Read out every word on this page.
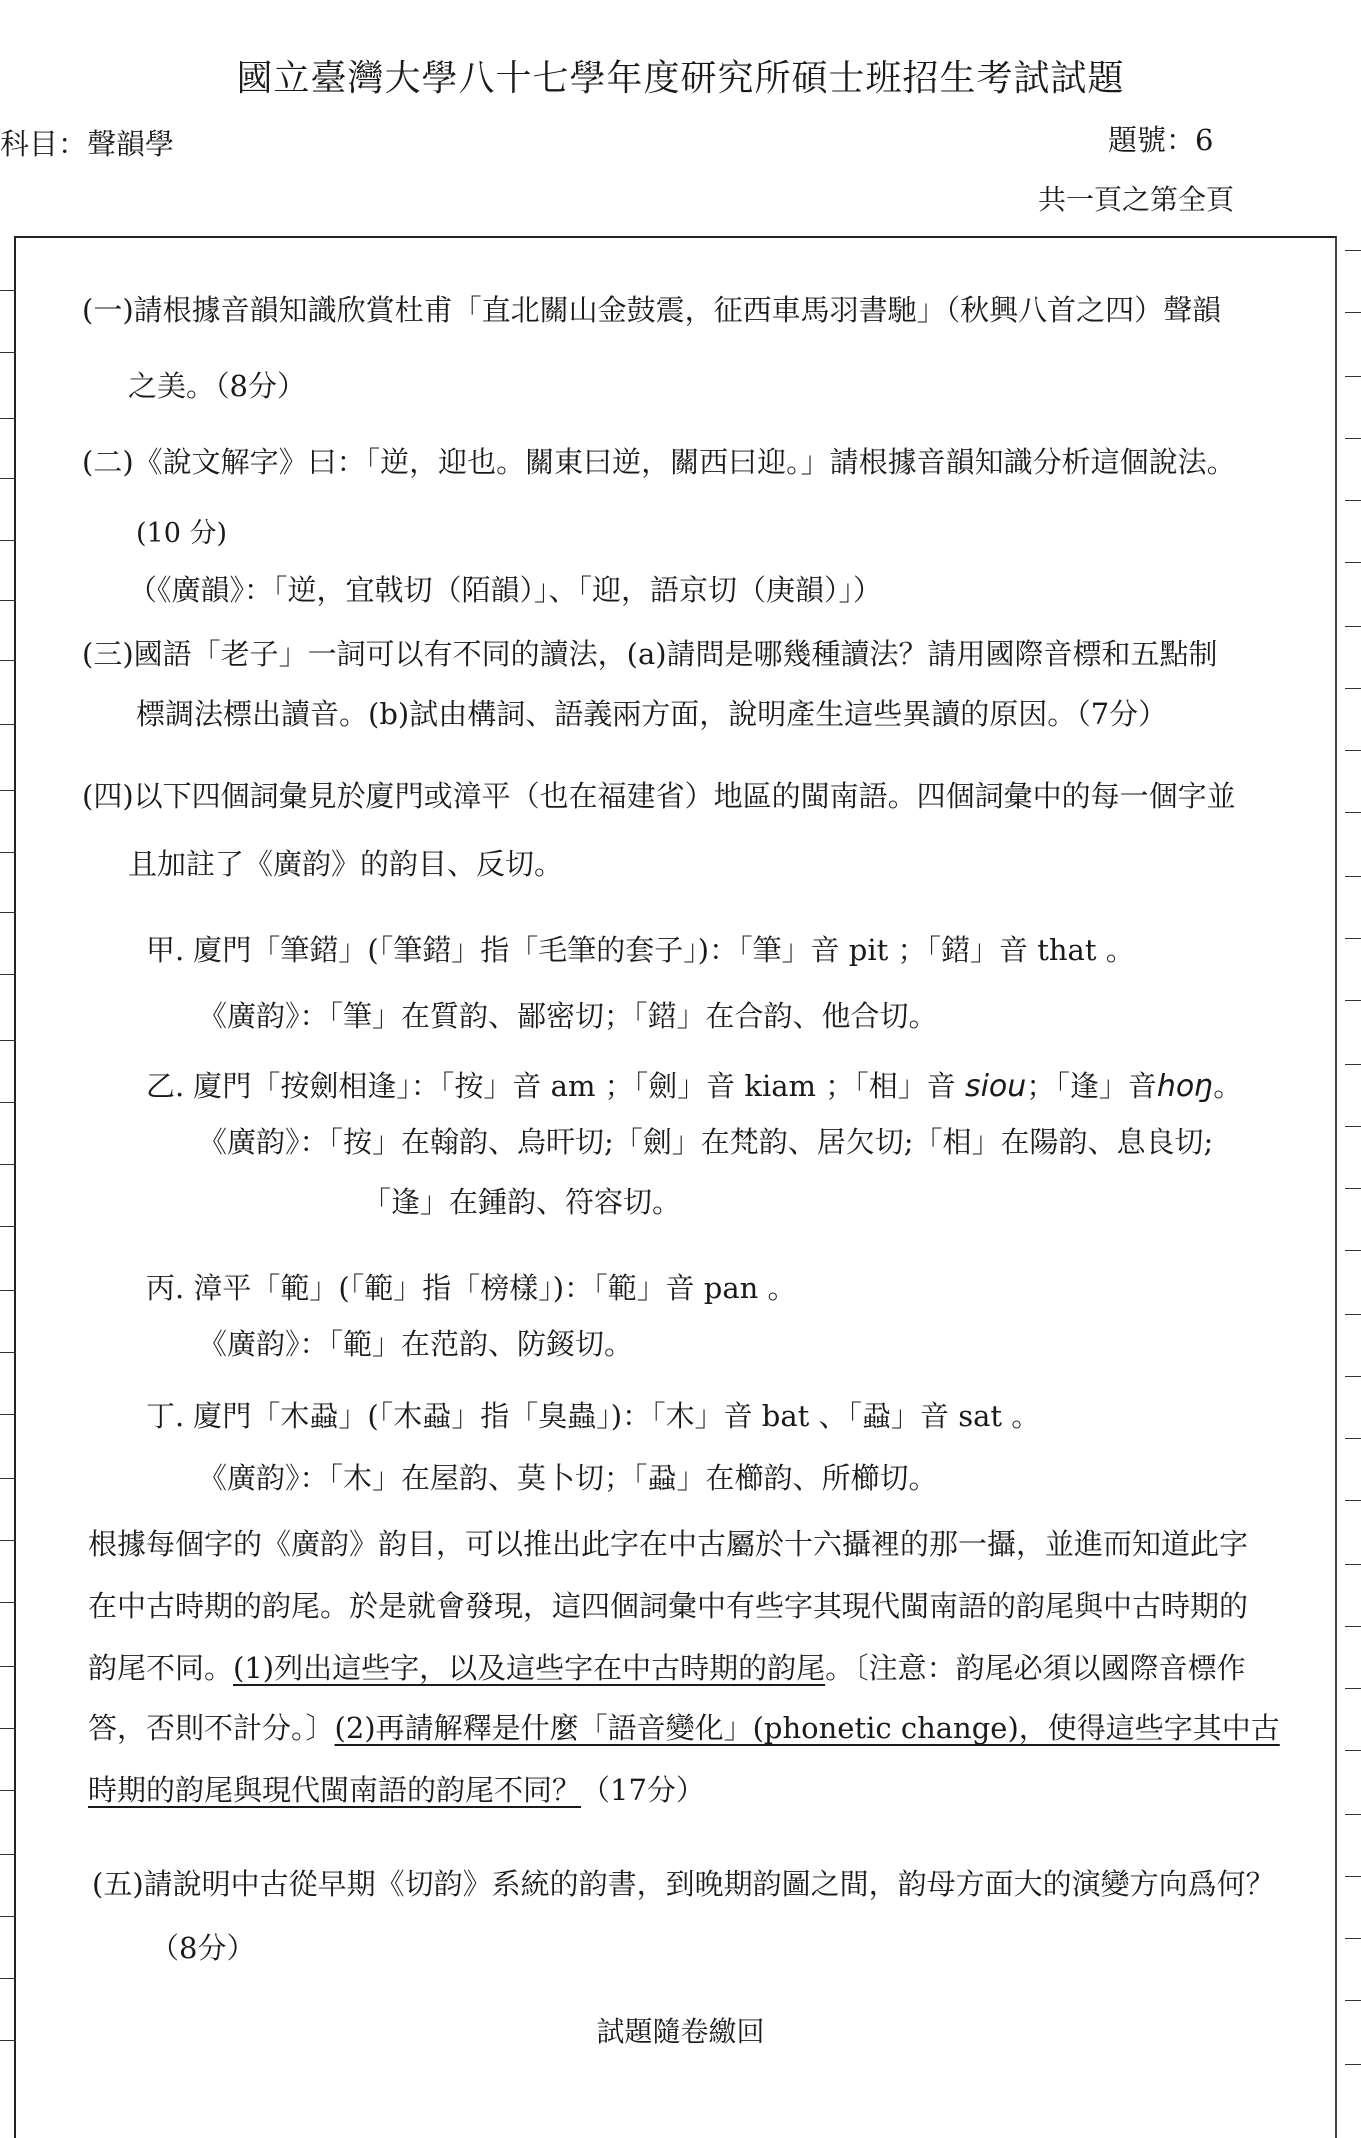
國立臺灣大學八十七學年度研究所碩士班招生考試試題
科目：聲韻學	題號：6
共一頁之第全頁
(一)請根據音韻知識欣賞杜甫「直北關山金鼓震，征西車馬羽書馳」（秋興八首之四）聲韻
之美。（8分）
(二)《說文解字》曰：「逆，迎也。關東曰逆，關西曰迎。」請根據音韻知識分析這個說法。
(10 分)
（《廣韻》：「逆，宜戟切（陌韻）」、「迎，語京切（庚韻）」）
(三)國語「老子」一詞可以有不同的讀法，(a)請問是哪幾種讀法？請用國際音標和五點制
標調法標出讀音。(b)試由構詞、語義兩方面，說明產生這些異讀的原因。（7分）
(四)以下四個詞彙見於廈門或漳平（也在福建省）地區的閩南語。四個詞彙中的每一個字並
且加註了《廣韵》的韵目、反切。
甲. 廈門「筆鍣」(「筆鍣」指「毛筆的套子」)：「筆」音 pit ；「鍣」音 that 。
《廣韵》：「筆」在質韵、鄙密切；「鍣」在合韵、他合切。
乙. 廈門「按劍相逢」：「按」音 am ；「劍」音 kiam ；「相」音 siou；「逢」音hoŋ。
《廣韵》：「按」在翰韵、烏旰切;「劍」在梵韵、居欠切;「相」在陽韵、息良切;
「逢」在鍾韵、符容切。
丙. 漳平「範」(「範」指「榜樣」)：「範」音 pan 。
《廣韵》：「範」在范韵、防錽切。
丁. 廈門「木蝨」(「木蝨」指「臭蟲」)：「木」音 bat 、「蝨」音 sat 。
《廣韵》：「木」在屋韵、莫卜切；「蝨」在櫛韵、所櫛切。
根據每個字的《廣韵》韵目，可以推出此字在中古屬於十六攝裡的那一攝，並進而知道此字
在中古時期的韵尾。於是就會發現，這四個詞彙中有些字其現代閩南語的韵尾與中古時期的
韵尾不同。(1)列出這些字，以及這些字在中古時期的韵尾。〔注意：韵尾必須以國際音標作
答，否則不計分。〕(2)再請解釋是什麼「語音變化」(phonetic change)，使得這些字其中古
時期的韵尾與現代閩南語的韵尾不同？（17分）
(五)請說明中古從早期《切韵》系統的韵書，到晚期韵圖之間，韵母方面大的演變方向爲何？
（8分）
試題隨卷繳回
